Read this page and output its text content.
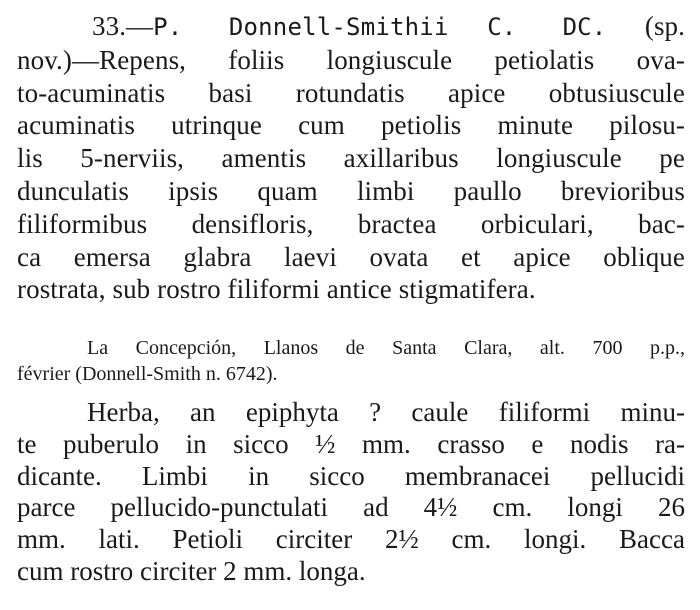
33.—P. Donnell-Smithii C. DC. (sp.
nov.)—Repens, foliis longiuscule petiolatis ova-
to-acuminatis basi rotundatis apice obtusiuscule
acuminatis utrinque cum petiolis minute pilosu-
lis 5-nerviis, amentis axillaribus longiuscule pe
dunculatis ipsis quam limbi paullo brevioribus
filiformibus densifloris, bractea orbiculari, bac-
ca emersa glabra laevi ovata et apice oblique
rostrata, sub rostro filiformi antice stigmatifera.
La Concepción, Llanos de Santa Clara, alt. 700 p.p.,
février (Donnell-Smith n. 6742).
Herba, an epiphyta ? caule filiformi minu-
te puberulo in sicco ½ mm. crasso e nodis ra-
dicante. Limbi in sicco membranacei pellucidi
parce pellucido-punctulati ad 4½ cm. longi 26
mm. lati. Petioli circiter 2½ cm. longi. Bacca
cum rostro circiter 2 mm. longa.
